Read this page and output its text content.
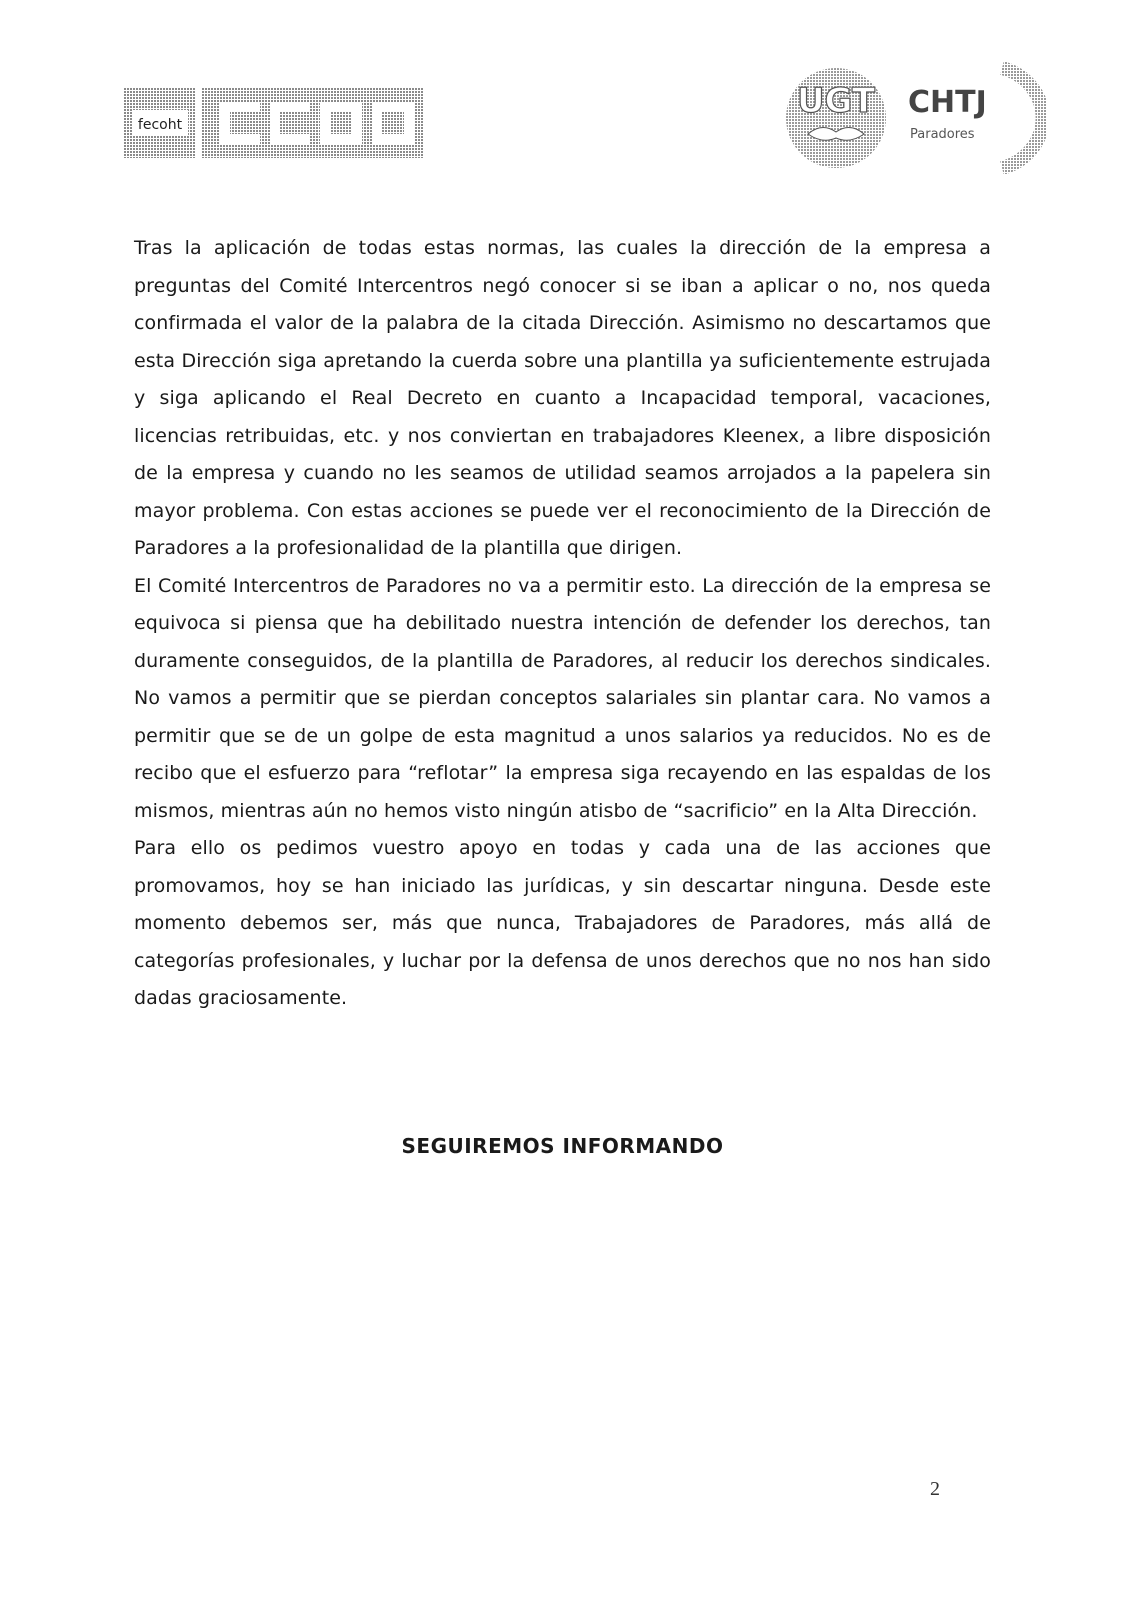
fecoht
UGT CHTJ
Paradores

Tras la aplicación de todas estas normas, las cuales la dirección de la empresa a preguntas del Comité Intercentros negó conocer si se iban a aplicar o no, nos queda confirmada el valor de la palabra de la citada Dirección. Asimismo no descartamos que esta Dirección siga apretando la cuerda sobre una plantilla ya suficientemente estrujada y siga aplicando el Real Decreto en cuanto a Incapacidad temporal, vacaciones, licencias retribuidas, etc. y nos conviertan en trabajadores Kleenex, a libre disposición de la empresa y cuando no les seamos de utilidad seamos arrojados a la papelera sin mayor problema. Con estas acciones se puede ver el reconocimiento de la Dirección de Paradores a la profesionalidad de la plantilla que dirigen.

El Comité Intercentros de Paradores no va a permitir esto. La dirección de la empresa se equivoca si piensa que ha debilitado nuestra intención de defender los derechos, tan duramente conseguidos, de la plantilla de Paradores, al reducir los derechos sindicales. No vamos a permitir que se pierdan conceptos salariales sin plantar cara. No vamos a permitir que se de un golpe de esta magnitud a unos salarios ya reducidos. No es de recibo que el esfuerzo para “reflotar” la empresa siga recayendo en las espaldas de los mismos, mientras aún no hemos visto ningún atisbo de “sacrificio” en la Alta Dirección.

Para ello os pedimos vuestro apoyo en todas y cada una de las acciones que promovamos, hoy se han iniciado las jurídicas, y sin descartar ninguna. Desde este momento debemos ser, más que nunca, Trabajadores de Paradores, más allá de categorías profesionales, y luchar por la defensa de unos derechos que no nos han sido dadas graciosamente.

SEGUIREMOS INFORMANDO
2
